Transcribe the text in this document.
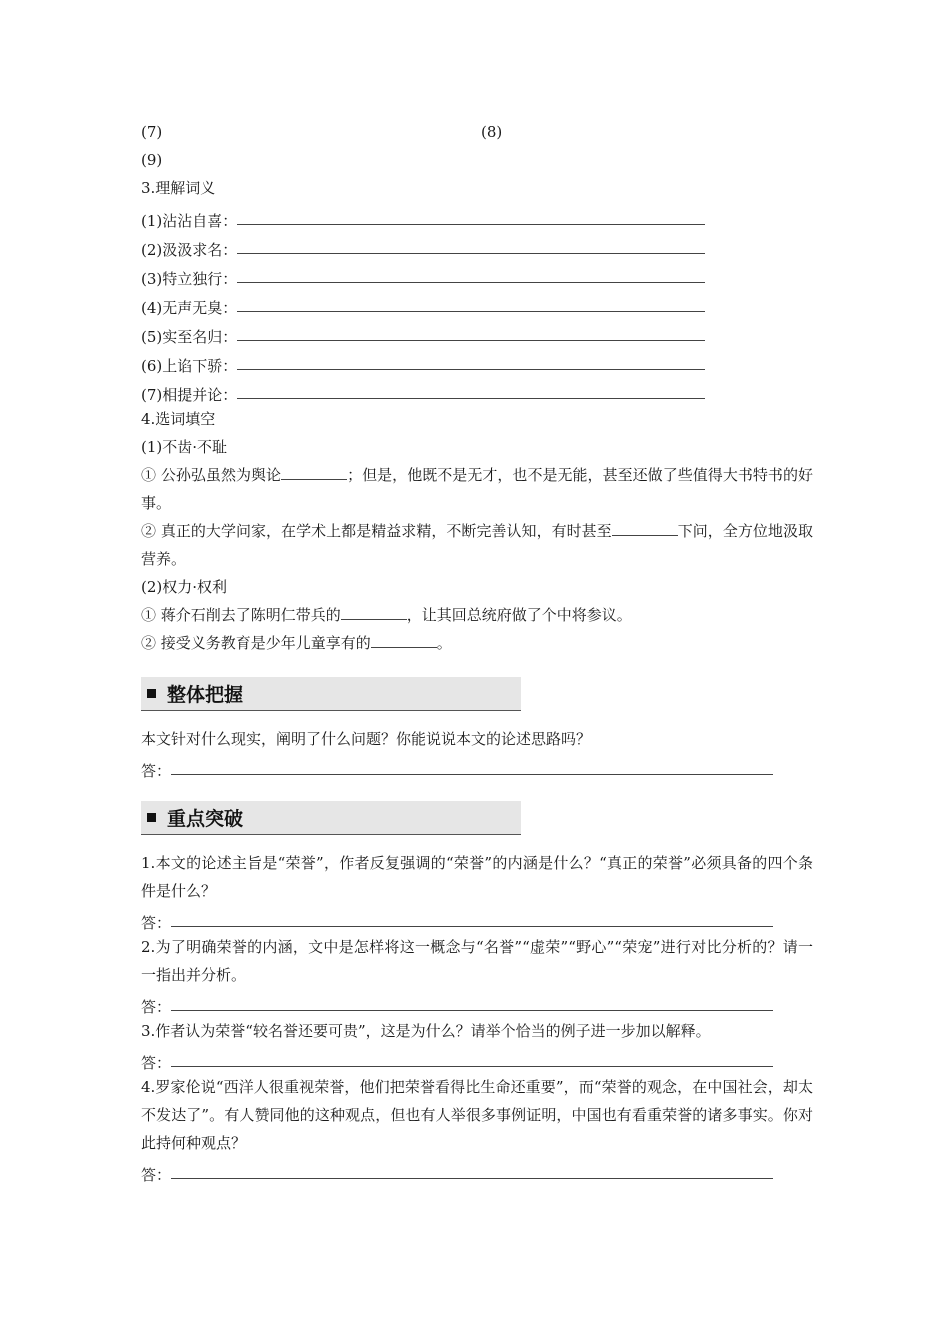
(7)	(8)
(9)
3.理解词义
(1)沾沾自喜：
(2)汲汲求名：
(3)特立独行：
(4)无声无臭：
(5)实至名归：
(6)上谄下骄：
(7)相提并论：
4.选词填空
(1)不齿·不耻
① 公孙弘虽然为舆论	；但是，他既不是无才，也不是无能，甚至还做了些值得大书特书的好事。
② 真正的大学问家，在学术上都是精益求精，不断完善认知，有时甚至	下问，全方位地汲取营养。
(2)权力·权利
① 蒋介石削去了陈明仁带兵的	，让其回总统府做了个中将参议。
② 接受义务教育是少年儿童享有的	。
整体把握
本文针对什么现实，阐明了什么问题？你能说说本文的论述思路吗？
答：
重点突破
1.本文的论述主旨是“荣誉”，作者反复强调的“荣誉”的内涵是什么？“真正的荣誉”必须具备的四个条件是什么？
答：
2.为了明确荣誉的内涵，文中是怎样将这一概念与“名誉”“虚荣”“野心”“荣宠”进行对比分析的？请一一指出并分析。
答：
3.作者认为荣誉“较名誉还要可贵”，这是为什么？请举个恰当的例子进一步加以解释。
答：
4.罗家伦说“西洋人很重视荣誉，他们把荣誉看得比生命还重要”，而“荣誉的观念，在中国社会，却太不发达了”。有人赞同他的这种观点，但也有人举很多事例证明，中国也有看重荣誉的诸多事实。你对此持何种观点？
答：
